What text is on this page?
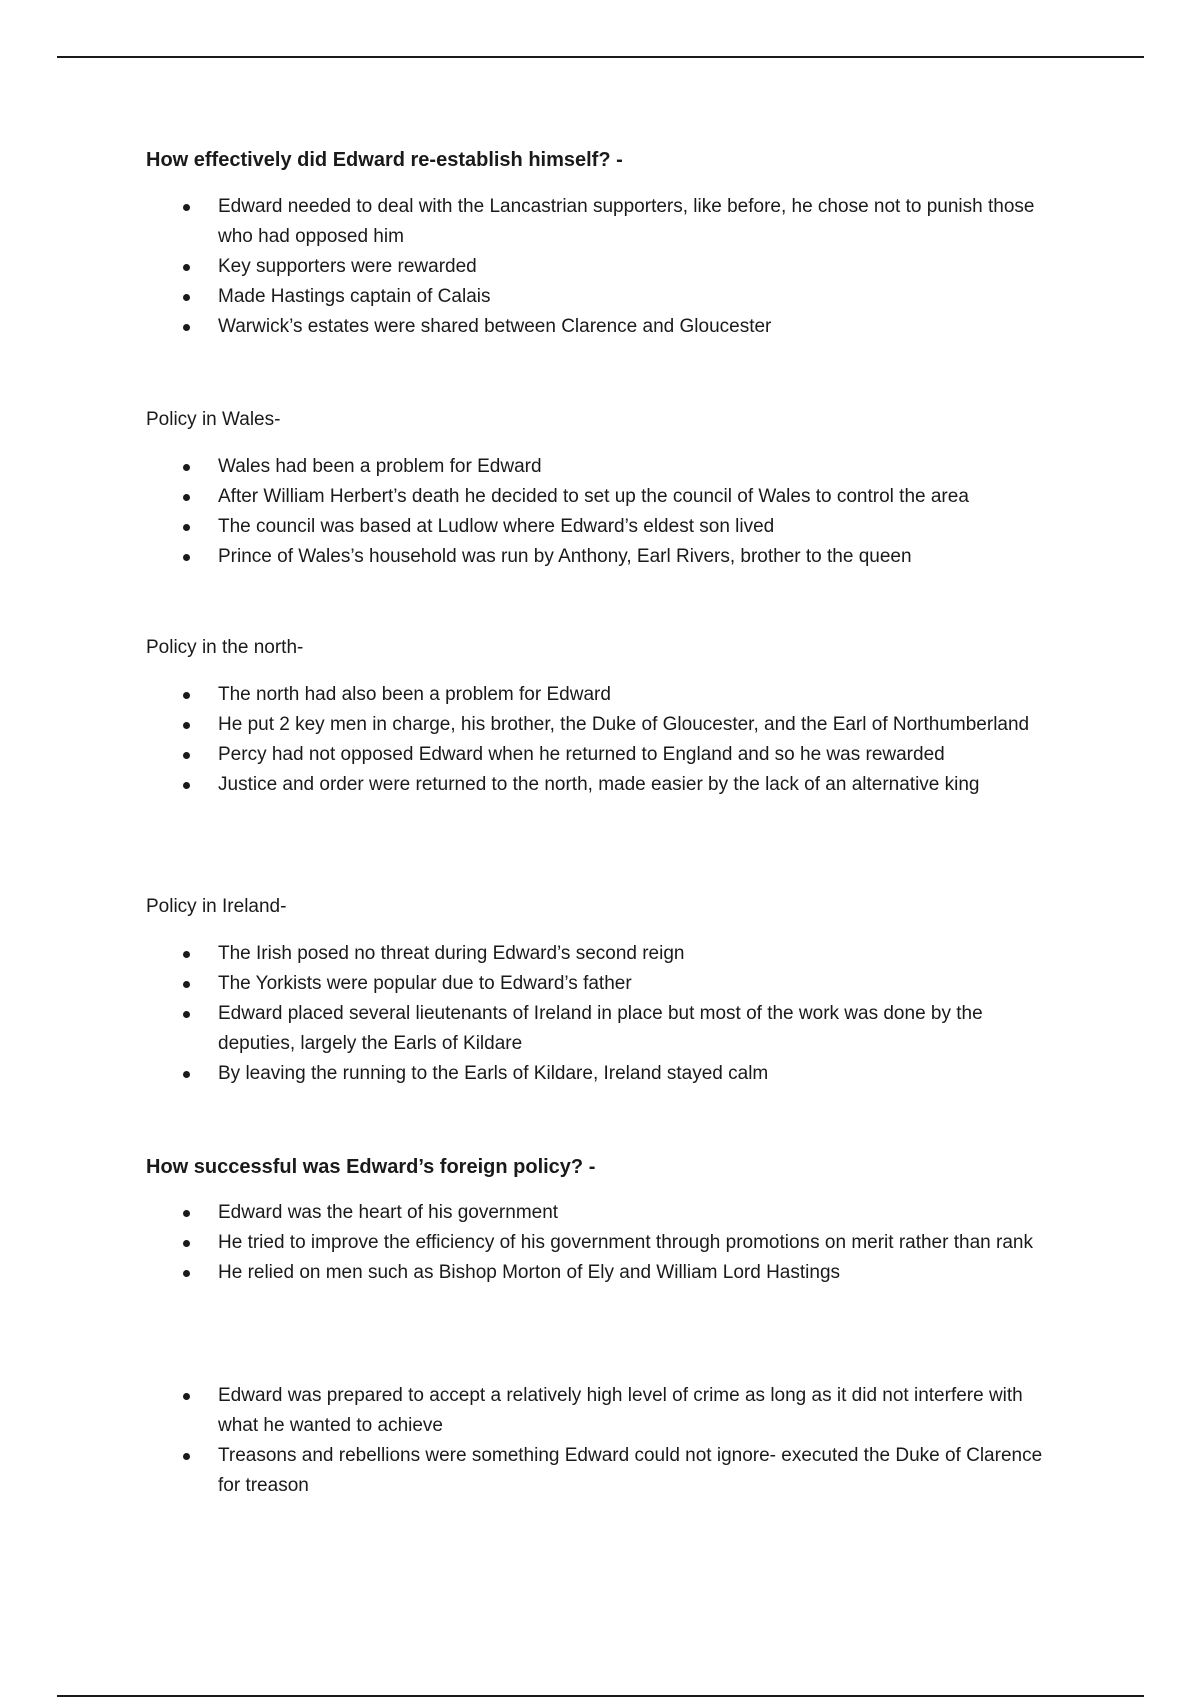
How effectively did Edward re-establish himself? -
Edward needed to deal with the Lancastrian supporters, like before, he chose not to punish those who had opposed him
Key supporters were rewarded
Made Hastings captain of Calais
Warwick’s estates were shared between Clarence and Gloucester
Policy in Wales-
Wales had been a problem for Edward
After William Herbert’s death he decided to set up the council of Wales to control the area
The council was based at Ludlow where Edward’s eldest son lived
Prince of Wales’s household was run by Anthony, Earl Rivers, brother to the queen
Policy in the north-
The north had also been a problem for Edward
He put 2 key men in charge, his brother, the Duke of Gloucester, and the Earl of Northumberland
Percy had not opposed Edward when he returned to England and so he was rewarded
Justice and order were returned to the north, made easier by the lack of an alternative king
Policy in Ireland-
The Irish posed no threat during Edward’s second reign
The Yorkists were popular due to Edward’s father
Edward placed several lieutenants of Ireland in place but most of the work was done by the deputies, largely the Earls of Kildare
By leaving the running to the Earls of Kildare, Ireland stayed calm
How successful was Edward’s foreign policy? -
Edward was the heart of his government
He tried to improve the efficiency of his government through promotions on merit rather than rank
He relied on men such as Bishop Morton of Ely and William Lord Hastings
Edward was prepared to accept a relatively high level of crime as long as it did not interfere with what he wanted to achieve
Treasons and rebellions were something Edward could not ignore- executed the Duke of Clarence for treason
